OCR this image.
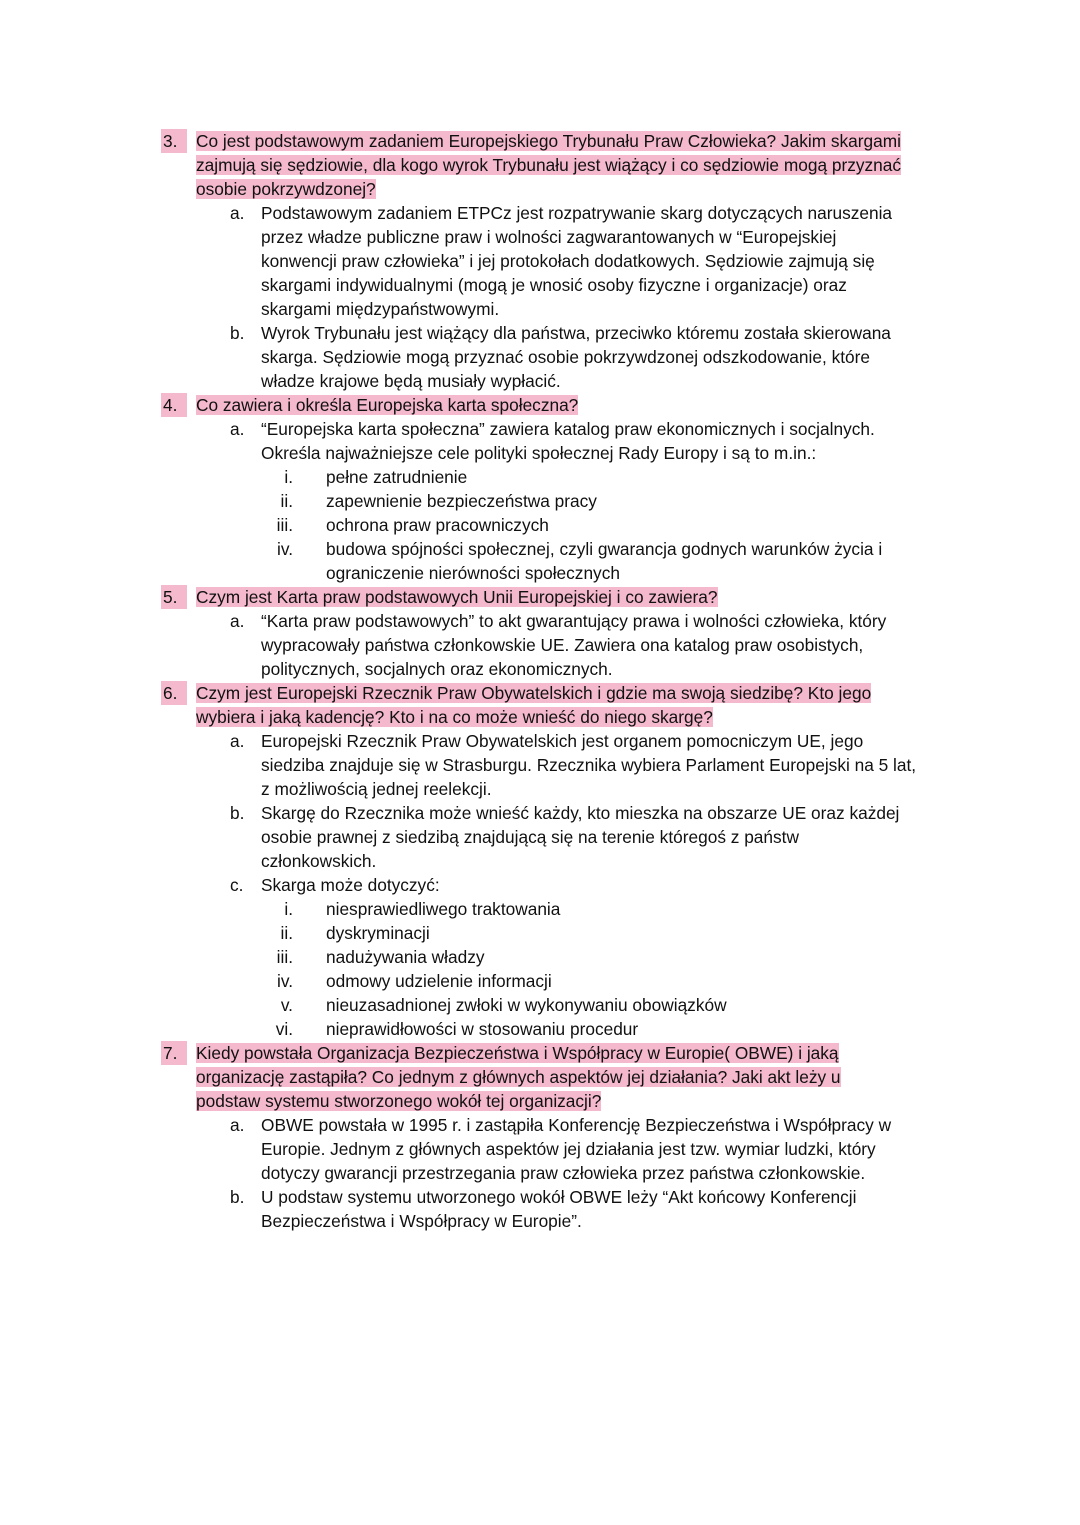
3.	Co jest podstawowym zadaniem Europejskiego Trybunału Praw Człowieka? Jakim skargami
zajmują się sędziowie, dla kogo wyrok Trybunału jest wiążący i co sędziowie mogą przyznać
osobie pokrzywdzonej?
a. Podstawowym zadaniem ETPCz jest rozpatrywanie skarg dotyczących naruszenia
przez władze publiczne praw i wolności zagwarantowanych w “Europejskiej
konwencji praw człowieka” i jej protokołach dodatkowych. Sędziowie zajmują się
skargami indywidualnymi (mogą je wnosić osoby fizyczne i organizacje) oraz
skargami międzypaństwowymi.
b. Wyrok Trybunału jest wiążący dla państwa, przeciwko któremu została skierowana
skarga. Sędziowie mogą przyznać osobie pokrzywdzonej odszkodowanie, które
władze krajowe będą musiały wypłacić.
4.	Co zawiera i określa Europejska karta społeczna?
a. “Europejska karta społeczna” zawiera katalog praw ekonomicznych i socjalnych.
Określa najważniejsze cele polityki społecznej Rady Europy i są to m.in.:
i.	pełne zatrudnienie
ii.	zapewnienie bezpieczeństwa pracy
iii.	ochrona praw pracowniczych
iv.	budowa spójności społecznej, czyli gwarancja godnych warunków życia i
ograniczenie nierówności społecznych
5.	Czym jest Karta praw podstawowych Unii Europejskiej i co zawiera?
a. “Karta praw podstawowych” to akt gwarantujący prawa i wolności człowieka, który
wypracowały państwa członkowskie UE. Zawiera ona katalog praw osobistych,
politycznych, socjalnych oraz ekonomicznych.
6.	Czym jest Europejski Rzecznik Praw Obywatelskich i gdzie ma swoją siedzibę? Kto jego
wybiera i jaką kadencję? Kto i na co może wnieść do niego skargę?
a. Europejski Rzecznik Praw Obywatelskich jest organem pomocniczym UE, jego
siedziba znajduje się w Strasburgu. Rzecznika wybiera Parlament Europejski na 5 lat,
z możliwością jednej reelekcji.
b. Skargę do Rzecznika może wnieść każdy, kto mieszka na obszarze UE oraz każdej
osobie prawnej z siedzibą znajdującą się na terenie któregoś z państw
członkowskich.
c.	Skarga może dotyczyć:
i.	niesprawiedliwego traktowania
ii.	dyskryminacji
iii.	nadużywania władzy
iv.	odmowy udzielenie informacji
v.	nieuzasadnionej zwłoki w wykonywaniu obowiązków
vi.	nieprawidłowości w stosowaniu procedur
7.	Kiedy powstała Organizacja Bezpieczeństwa i Współpracy w Europie( OBWE) i jaką
organizację zastąpiła? Co jednym z głównych aspektów jej działania? Jaki akt leży u
podstaw systemu stworzonego wokół tej organizacji?
a. OBWE powstała w 1995 r. i zastąpiła Konferencję Bezpieczeństwa i Współpracy w
Europie. Jednym z głównych aspektów jej działania jest tzw. wymiar ludzki, który
dotyczy gwarancji przestrzegania praw człowieka przez państwa członkowskie.
b. U podstaw systemu utworzonego wokół OBWE leży “Akt końcowy Konferencji
Bezpieczeństwa i Współpracy w Europie”.
